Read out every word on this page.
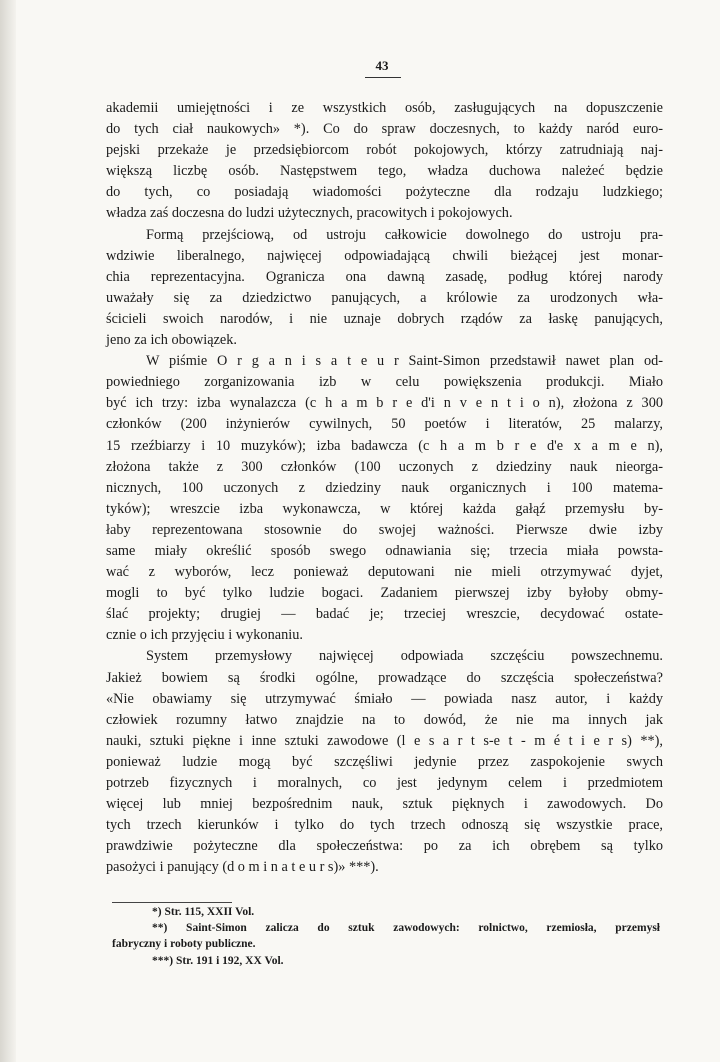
43
akademii umiejętności i ze wszystkich osób, zasługujących na dopuszczenie
do tych ciał naukowych» *). Co do spraw doczesnych, to każdy naród euro-
pejski przekaże je przedsiębiorcom robót pokojowych, którzy zatrudniają naj-
większą liczbę osób. Następstwem tego, władza duchowa należeć będzie
do tych, co posiadają wiadomości pożyteczne dla rodzaju ludzkiego;
władza zaś doczesna do ludzi użytecznych, pracowitych i pokojowych.
Formą przejściową, od ustroju całkowicie dowolnego do ustroju pra-
wdziwie liberalnego, najwięcej odpowiadającą chwili bieżącej jest monar-
chia reprezentacyjna. Ogranicza ona dawną zasadę, podług której narody
uważały się za dziedzictwo panujących, a królowie za urodzonych wła-
ścicieli swoich narodów, i nie uznaje dobrych rządów za łaskę panujących,
jeno za ich obowiązek.
W piśmie O r g a n i s a t e u r Saint-Simon przedstawił nawet plan od-
powiedniego zorganizowania izb w celu powiększenia produkcji. Miało
być ich trzy: izba wynalazcza (c h a m b r e d'i n v e n t i o n), złożona z 300
członków (200 inżynierów cywilnych, 50 poetów i literatów, 25 malarzy,
15 rzeźbiarzy i 10 muzyków); izba badawcza (c h a m b r e d'e x a m e n),
złożona także z 300 członków (100 uczonych z dziedziny nauk nieorga-
nicznych, 100 uczonych z dziedziny nauk organicznych i 100 matema-
tyków); wreszcie izba wykonawcza, w której każda gałąź przemysłu by-
łaby reprezentowana stosownie do swojej ważności. Pierwsze dwie izby
same miały określić sposób swego odnawiania się; trzecia miała powsta-
wać z wyborów, lecz ponieważ deputowani nie mieli otrzymywać dyjet,
mogli to być tylko ludzie bogaci. Zadaniem pierwszej izby byłoby obmy-
ślać projekty; drugiej — badać je; trzeciej wreszcie, decydować ostate-
cznie o ich przyjęciu i wykonaniu.
System przemysłowy najwięcej odpowiada szczęściu powszechnemu.
Jakież bowiem są środki ogólne, prowadzące do szczęścia społeczeństwa?
«Nie obawiamy się utrzymywać śmiało — powiada nasz autor, i każdy
człowiek rozumny łatwo znajdzie na to dowód, że nie ma innych jak
nauki, sztuki piękne i inne sztuki zawodowe (l e s a r t s-e t - m é t i e r s) **),
ponieważ ludzie mogą być szczęśliwi jedynie przez zaspokojenie swych
potrzeb fizycznych i moralnych, co jest jedynym celem i przedmiotem
więcej lub mniej bezpośrednim nauk, sztuk pięknych i zawodowych. Do
tych trzech kierunków i tylko do tych trzech odnoszą się wszystkie prace,
prawdziwie pożyteczne dla społeczeństwa: po za ich obrębem są tylko
pasożyci i panujący (d o m i n a t e u r s)» ***).
*) Str. 115, XXII Vol.
**) Saint-Simon zalicza do sztuk zawodowych: rolnictwo, rzemiosła, przemysł
fabryczny i roboty publiczne.
***) Str. 191 i 192, XX Vol.
